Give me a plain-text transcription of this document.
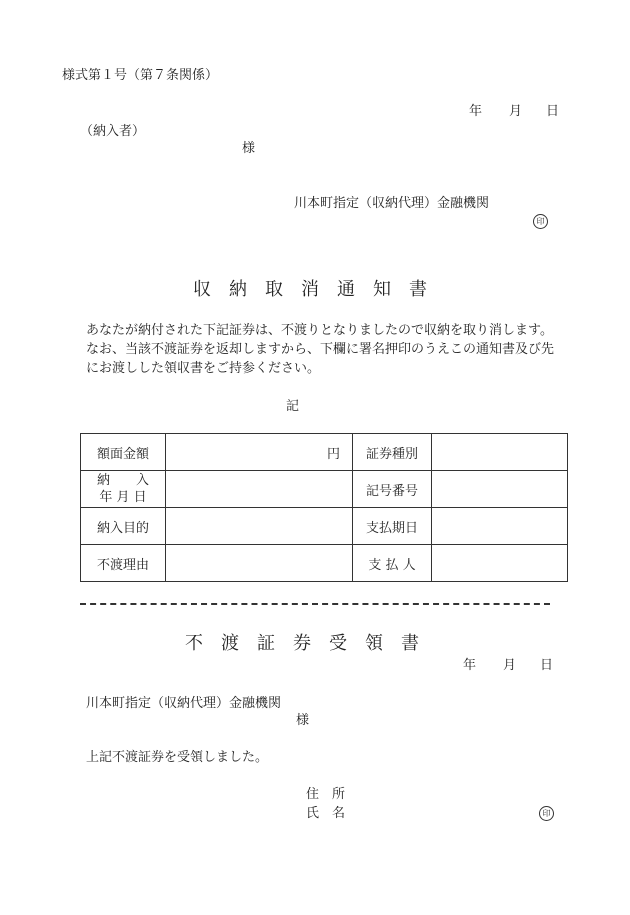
様式第１号（第７条関係）
年 月 日
（納入者）
様
川本町指定（収納代理）金融機関
印
収 納 取 消 通 知 書
あなたが納付された下記証券は、不渡りとなりましたので収納を取り消します。
なお、当該不渡証券を返却しますから、下欄に署名押印のうえこの通知書及び先
にお渡しした領収書をご持参ください。
記
額面金額	円	証券種別	

納　　入
年 月 日		記号番号	
納入目的		支払期日	
不渡理由		支 払 人	
不 渡 証 券 受 領 書
年 月 日
川本町指定（収納代理）金融機関
様
上記不渡証券を受領しました。
住　所
氏　名	印
